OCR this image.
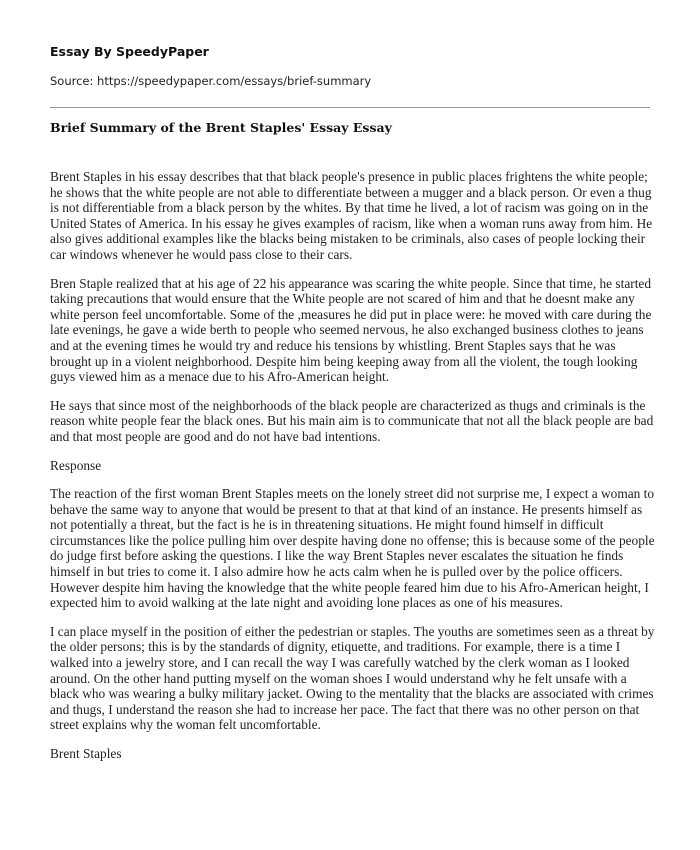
Essay By SpeedyPaper
Source: https://speedypaper.com/essays/brief-summary
Brief Summary of the Brent Staples' Essay Essay

Brent Staples in his essay describes that that black people's presence in public places frightens the white people; he shows that the white people are not able to differentiate between a mugger and a black person. Or even a thug is not differentiable from a black person by the whites. By that time he lived, a lot of racism was going on in the United States of America. In his essay he gives examples of racism, like when a woman runs away from him. He also gives additional examples like the blacks being mistaken to be criminals, also cases of people locking their car windows whenever he would pass close to their cars.

Bren Staple realized that at his age of 22 his appearance was scaring the white people. Since that time, he started taking precautions that would ensure that the White people are not scared of him and that he doesnt make any white person feel uncomfortable. Some of the ,measures he did put in place were: he moved with care during the late evenings, he gave a wide berth to people who seemed nervous, he also exchanged business clothes to jeans and at the evening times he would try and reduce his tensions by whistling. Brent Staples says that he was brought up in a violent neighborhood. Despite him being keeping away from all the violent, the tough looking guys viewed him as a menace due to his Afro-American height.

He says that since most of the neighborhoods of the black people are characterized as thugs and criminals is the reason white people fear the black ones. But his main aim is to communicate that not all the black people are bad and that most people are good and do not have bad intentions.

Response

The reaction of the first woman Brent Staples meets on the lonely street did not surprise me, I expect a woman to behave the same way to anyone that would be present to that at that kind of an instance. He presents himself as not potentially a threat, but the fact is he is in threatening situations. He might found himself in difficult circumstances like the police pulling him over despite having done no offense; this is because some of the people do judge first before asking the questions. I like the way Brent Staples never escalates the situation he finds himself in but tries to come it. I also admire how he acts calm when he is pulled over by the police officers. However despite him having the knowledge that the white people feared him due to his Afro-American height, I expected him to avoid walking at the late night and avoiding lone places as one of his measures.

I can place myself in the position of either the pedestrian or staples. The youths are sometimes seen as a threat by the older persons; this is by the standards of dignity, etiquette, and traditions. For example, there is a time I walked into a jewelry store, and I can recall the way I was carefully watched by the clerk woman as I looked around. On the other hand putting myself on the woman shoes I would understand why he felt unsafe with a black who was wearing a bulky military jacket. Owing to the mentality that the blacks are associated with crimes and thugs, I understand the reason she had to increase her pace. The fact that there was no other person on that street explains why the woman felt uncomfortable.

Brent Staples
